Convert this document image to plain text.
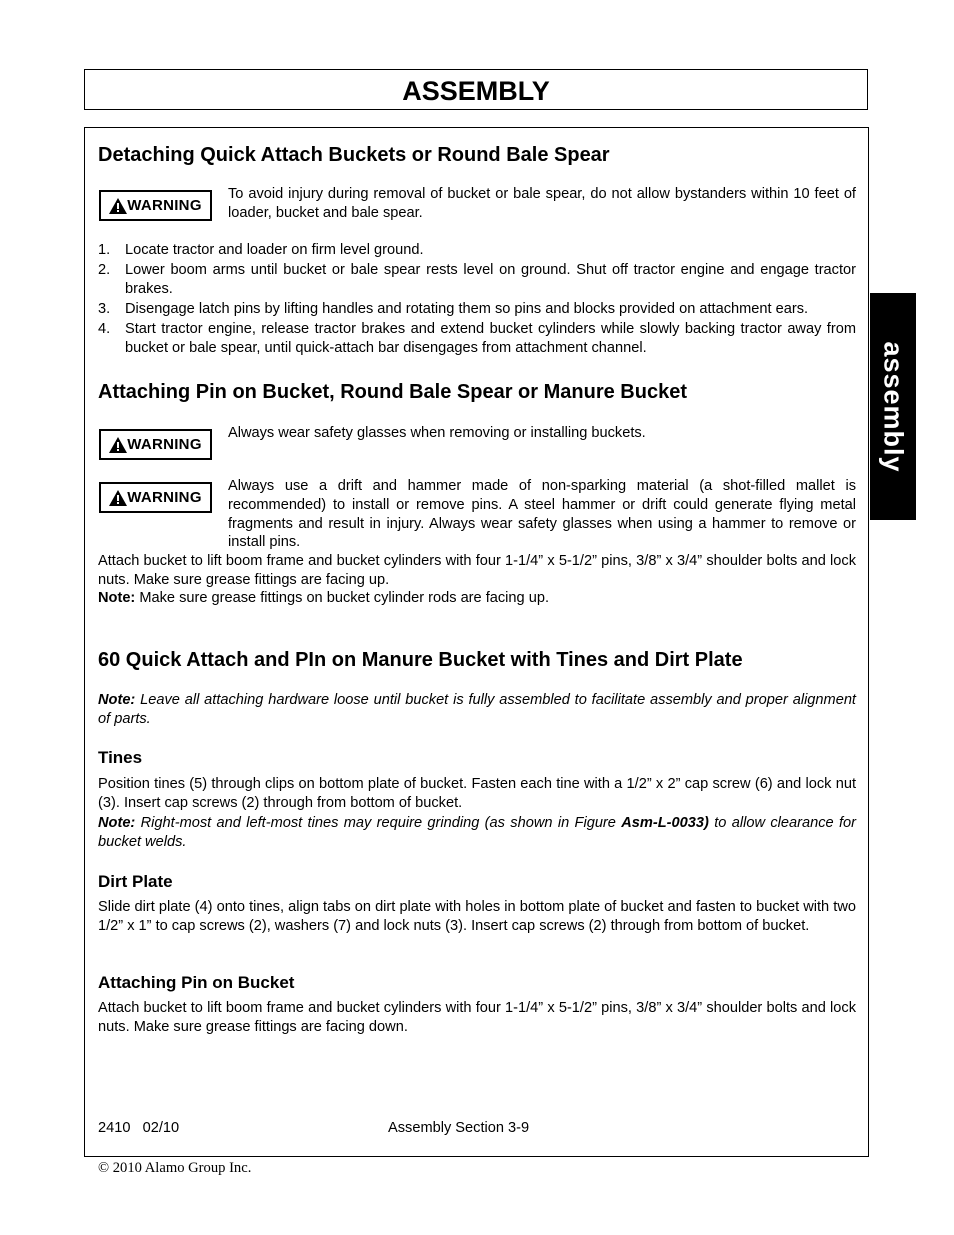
ASSEMBLY
assembly
Detaching Quick Attach Buckets or Round Bale Spear
WARNING
To avoid injury during removal of bucket or bale spear, do not allow bystanders within 10 feet of loader, bucket and bale spear.
1. Locate tractor and loader on firm level ground.
2. Lower boom arms until bucket or bale spear rests level on ground. Shut off tractor engine and engage tractor brakes.
3. Disengage latch pins by lifting handles and rotating them so pins and blocks provided on attachment ears.
4. Start tractor engine, release tractor brakes and extend bucket cylinders while slowly backing tractor away from bucket or bale spear, until quick-attach bar disengages from attachment channel.
Attaching Pin on Bucket, Round Bale Spear or Manure Bucket
WARNING
Always wear safety glasses when removing or installing buckets.
WARNING
Always use a drift and hammer made of non-sparking material (a shot-filled mallet is recommended) to install or remove pins. A steel hammer or drift could generate flying metal fragments and result in injury. Always wear safety glasses when using a hammer to remove or install pins.
Attach bucket to lift boom frame and bucket cylinders with four 1-1/4” x 5-1/2” pins, 3/8” x 3/4” shoulder bolts and lock nuts. Make sure grease fittings are facing up.
Note: Make sure grease fittings on bucket cylinder rods are facing up.
60 Quick Attach and PIn on Manure Bucket with Tines and Dirt Plate
Note: Leave all attaching hardware loose until bucket is fully assembled to facilitate assembly and proper alignment of parts.
Tines
Position tines (5) through clips on bottom plate of bucket. Fasten each tine with a 1/2” x 2” cap screw (6) and lock nut (3). Insert cap screws (2) through from bottom of bucket.
Note: Right-most and left-most tines may require grinding (as shown in Figure Asm-L-0033) to allow clearance for bucket welds.
Dirt Plate
Slide dirt plate (4) onto tines, align tabs on dirt plate with holes in bottom plate of bucket and fasten to bucket with two 1/2” x 1” to cap screws (2), washers (7) and lock nuts (3). Insert cap screws (2) through from bottom of bucket.
Attaching Pin on Bucket
Attach bucket to lift boom frame and bucket cylinders with four 1-1/4” x 5-1/2” pins, 3/8” x 3/4” shoulder bolts and lock nuts. Make sure grease fittings are facing down.
2410   02/10	Assembly Section 3-9
© 2010 Alamo Group Inc.
